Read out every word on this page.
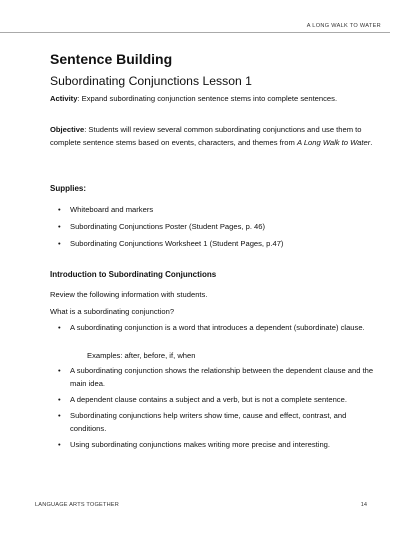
A LONG WALK TO WATER
Sentence Building
Subordinating Conjunctions Lesson 1
Activity: Expand subordinating conjunction sentence stems into complete sentences.
Objective: Students will review several common subordinating conjunctions and use them to complete sentence stems based on events, characters, and themes from A Long Walk to Water.
Supplies:
•	Whiteboard and markers
•	Subordinating Conjunctions Poster (Student Pages, p. 46)
•	Subordinating Conjunctions Worksheet 1 (Student Pages, p.47)
Introduction to Subordinating Conjunctions
Review the following information with students.
What is a subordinating conjunction?
•	A subordinating conjunction is a word that introduces a dependent (subordinate) clause.
Examples: after, before, if, when
•	A subordinating conjunction shows the relationship between the dependent clause and the main idea.
•	A dependent clause contains a subject and a verb, but is not a complete sentence.
•	Subordinating conjunctions help writers show time, cause and effect, contrast, and conditions.
•	Using subordinating conjunctions makes writing more precise and interesting.
LANGUAGE ARTS TOGETHER	14
